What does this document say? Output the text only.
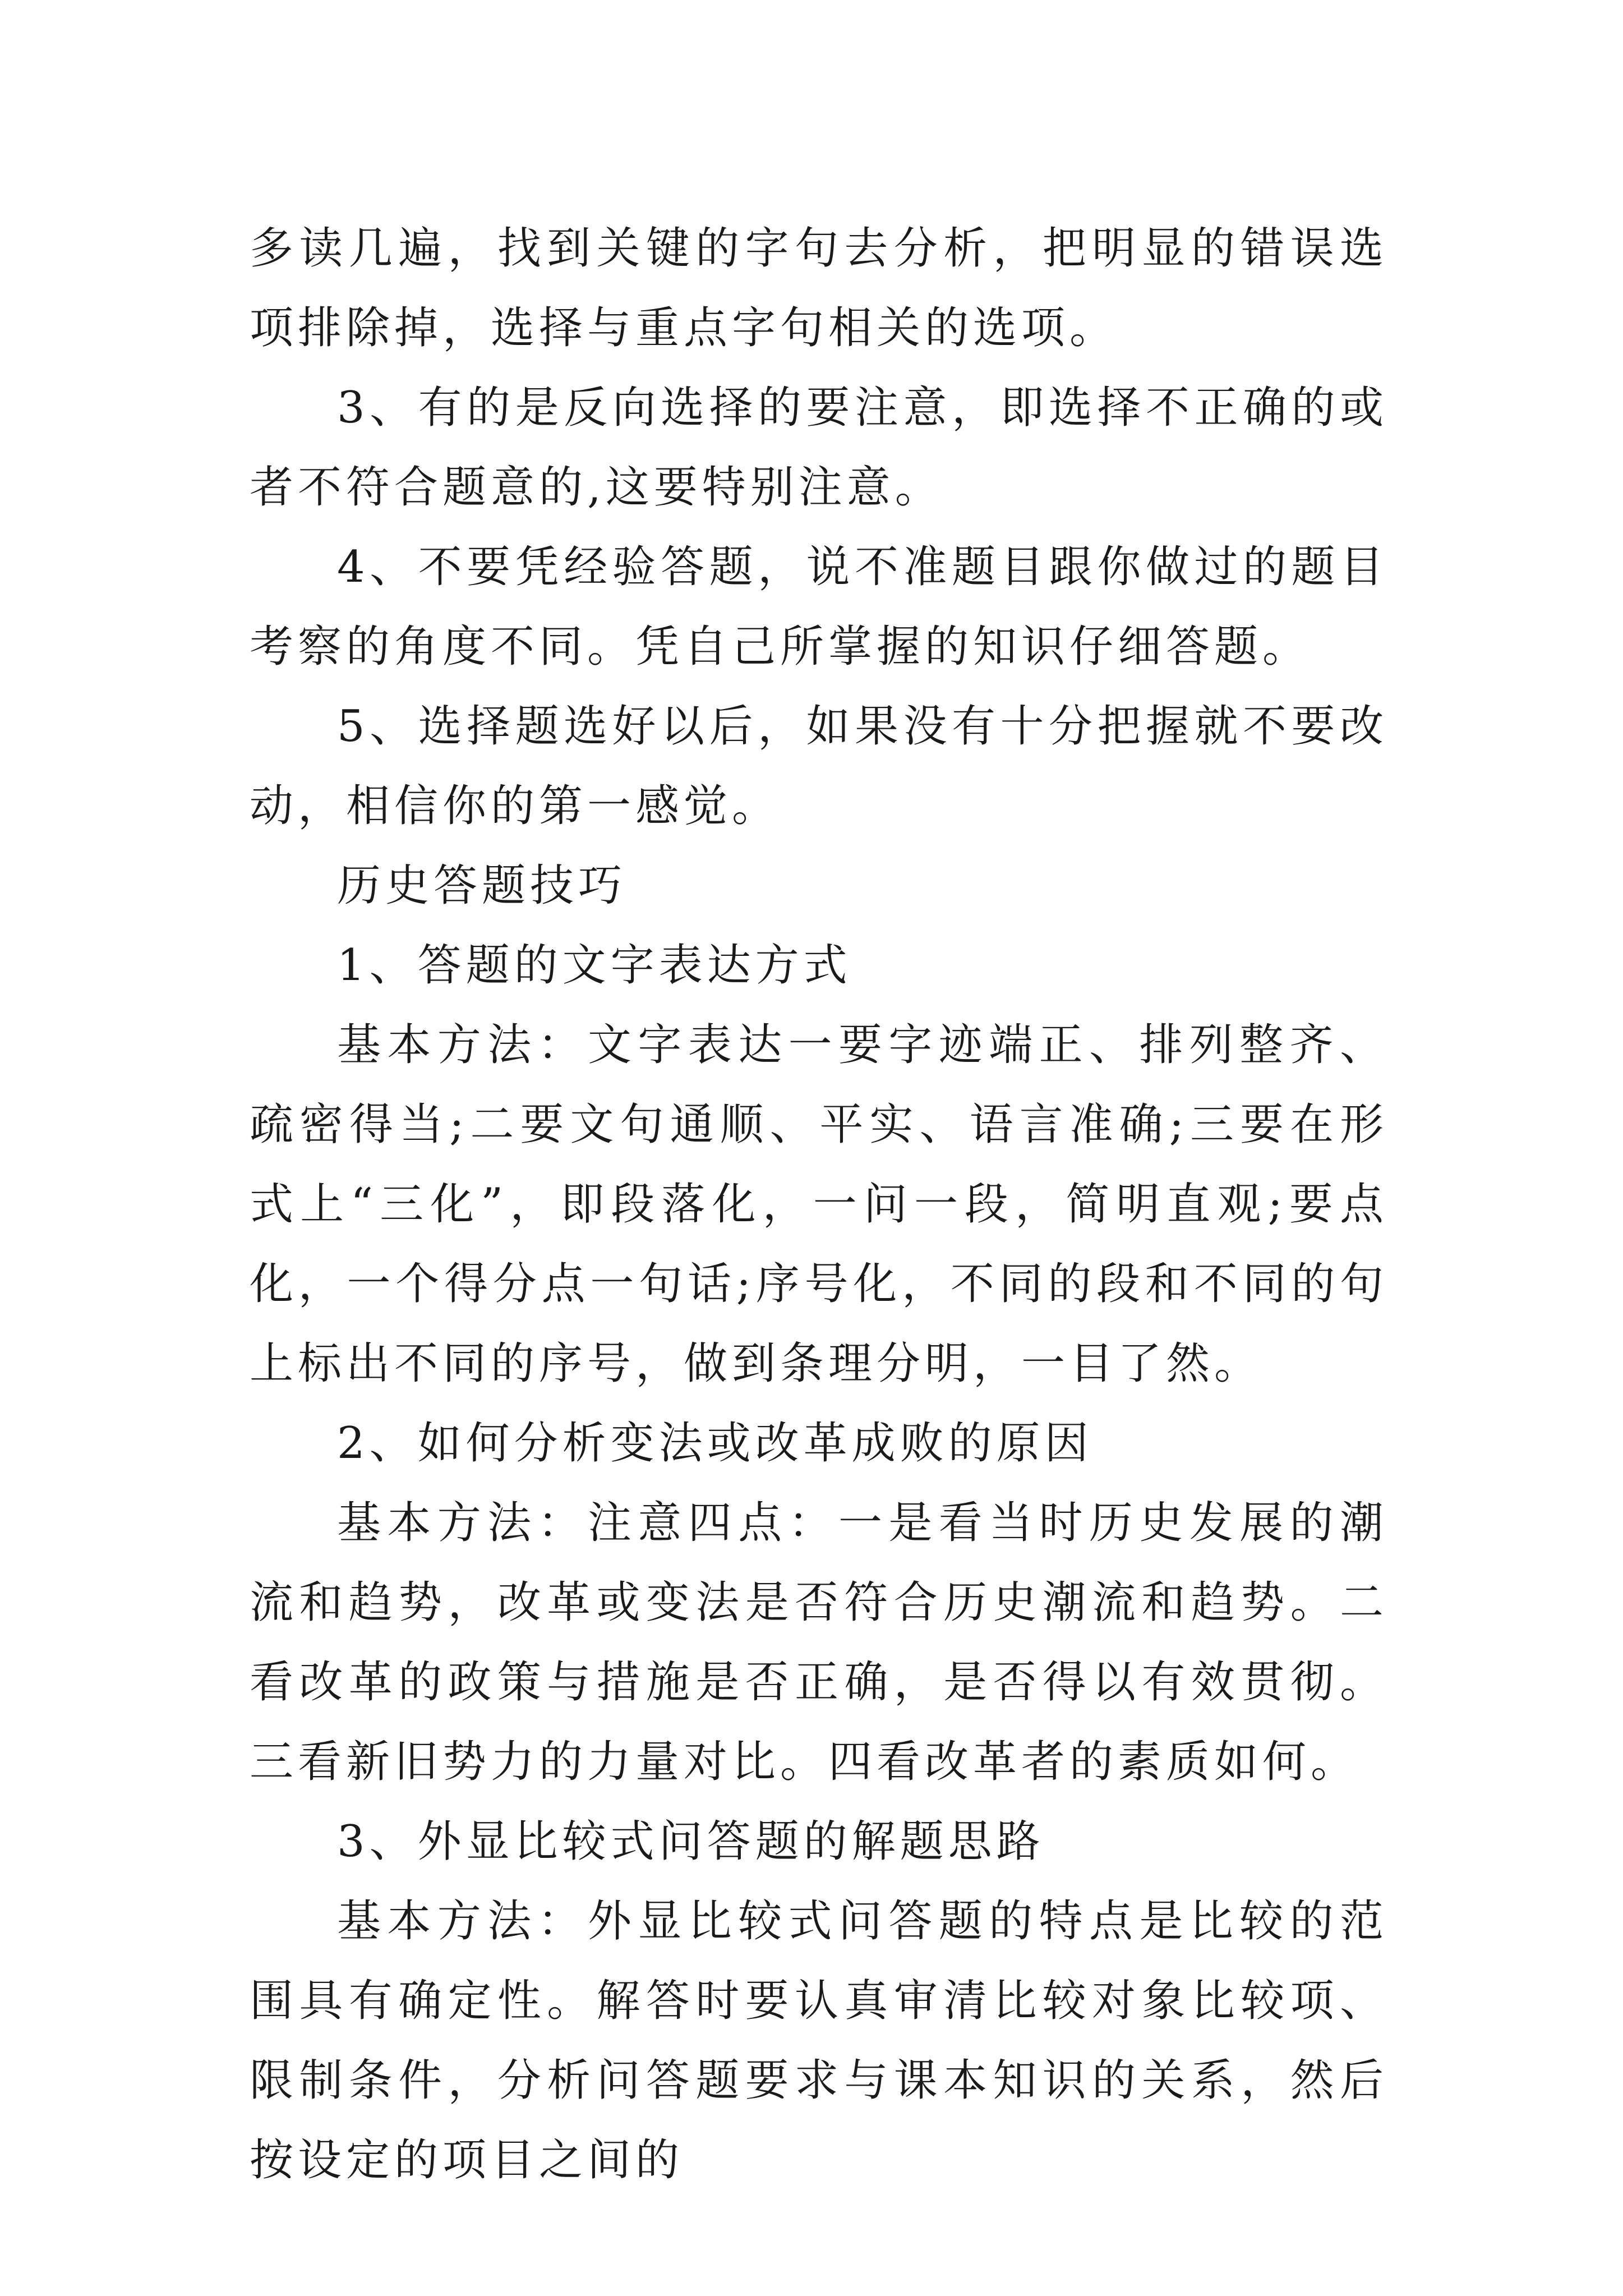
多读几遍，找到关键的字句去分析，把明显的错误选项排除掉，选择与重点字句相关的选项。

3、有的是反向选择的要注意，即选择不正确的或者不符合题意的,这要特别注意。

4、不要凭经验答题，说不准题目跟你做过的题目考察的角度不同。凭自己所掌握的知识仔细答题。

5、选择题选好以后，如果没有十分把握就不要改动，相信你的第一感觉。

历史答题技巧

1、答题的文字表达方式

基本方法：文字表达一要字迹端正、排列整齐、疏密得当;二要文句通顺、平实、语言准确;三要在形式上“三化”，即段落化，一问一段，简明直观;要点化，一个得分点一句话;序号化，不同的段和不同的句上标出不同的序号，做到条理分明，一目了然。

2、如何分析变法或改革成败的原因

基本方法：注意四点：一是看当时历史发展的潮流和趋势，改革或变法是否符合历史潮流和趋势。二看改革的政策与措施是否正确，是否得以有效贯彻。三看新旧势力的力量对比。四看改革者的素质如何。

3、外显比较式问答题的解题思路

基本方法：外显比较式问答题的特点是比较的范围具有确定性。解答时要认真审清比较对象比较项、限制条件，分析问答题要求与课本知识的关系，然后按设定的项目之间的
